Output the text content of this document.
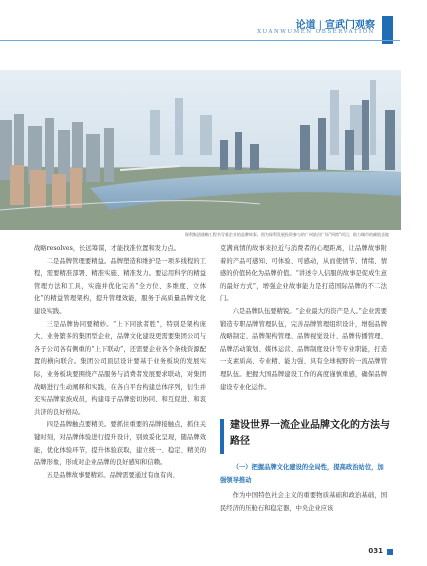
论道 | 宣武门观察
XUANWUMEN OBSERVATION
保利集团战略工程书写着企业的品牌故事。图为保利发展投资参与的广州滨河广场“四湾”项目，助力城市的颜值圣地

战略resolves，长远筹谋，才能找准位置和发力点。

二是品牌管理要精益。品牌塑造和维护是一项多线程的工程，需要精准部署、精准实施、精准发力。要运用科学的精益管理方法和工具，实施并优化完善“全方位、多维度、立体化”的精益管理架构，提升管理效能，服务于高质量品牌文化建设实践。

三是品牌协同要精妙。“上下同欲者胜”，特别是架构庞大、业务繁多的集团型企业，品牌文化建设更需要集团公司与各子公司各有侧重的“上下联动”，还需要企业各个条线资源配置的横向联合。集团公司顶层设计要基于业务板块的发展实际，业务板块要围绕产品服务与消费者发展要求联动，对集团战略进行生动阐释和实践，在各自平台构建总体序列，衍生并充实品牌家族成员，构建母子品牌密切协同、和互促进、和衷共济的良好格局。

四是品牌触点要精美。要抓住重要的品牌接触点，抓住关键时刻，对品牌体验进行提升设计，别致妥化呈现，随品牌效能，优化体验环节，提升体验获取，建立统一、稳定、精美的品牌形象，形成对企业品牌的良好感知和信赖。

五是品牌故事要精彩。品牌需要通过有血有肉、

克满真情的故事来拉近与消费者的心理距离，让品牌故事附着的产品可感知、可体验、可感动，从而使情节、情绪、情感的价值转化为品牌价值。“讲述令人信服的故事是促成生意的最好方式”，增强企业故事能力是打造国际品牌的不二法门。

六是品牌队伍要精锐。“企业最大的资产是人。”企业需要锻造专职品牌管理队伍，完善品牌管理组织设计，增强品牌战略制定、品牌架构管理、品牌视觉设计、品牌传播管理、品牌活动策划、媒体运营、品牌制度设计等专业职能，打造一支素质高、专业精、能力强、具有全球视野的一流品牌管理队伍。把握大国品牌建设工作的高度谨慎重感，确保品牌建设专业化运作。

建设世界一流企业品牌文化的方法与路径

（一）把握品牌文化建设的全局性，提高政治站位，加强领导推动

作为中国特色社会主义的重要物质基础和政治基础，国民经济的压舱石和稳定器，中央企业应该

031
